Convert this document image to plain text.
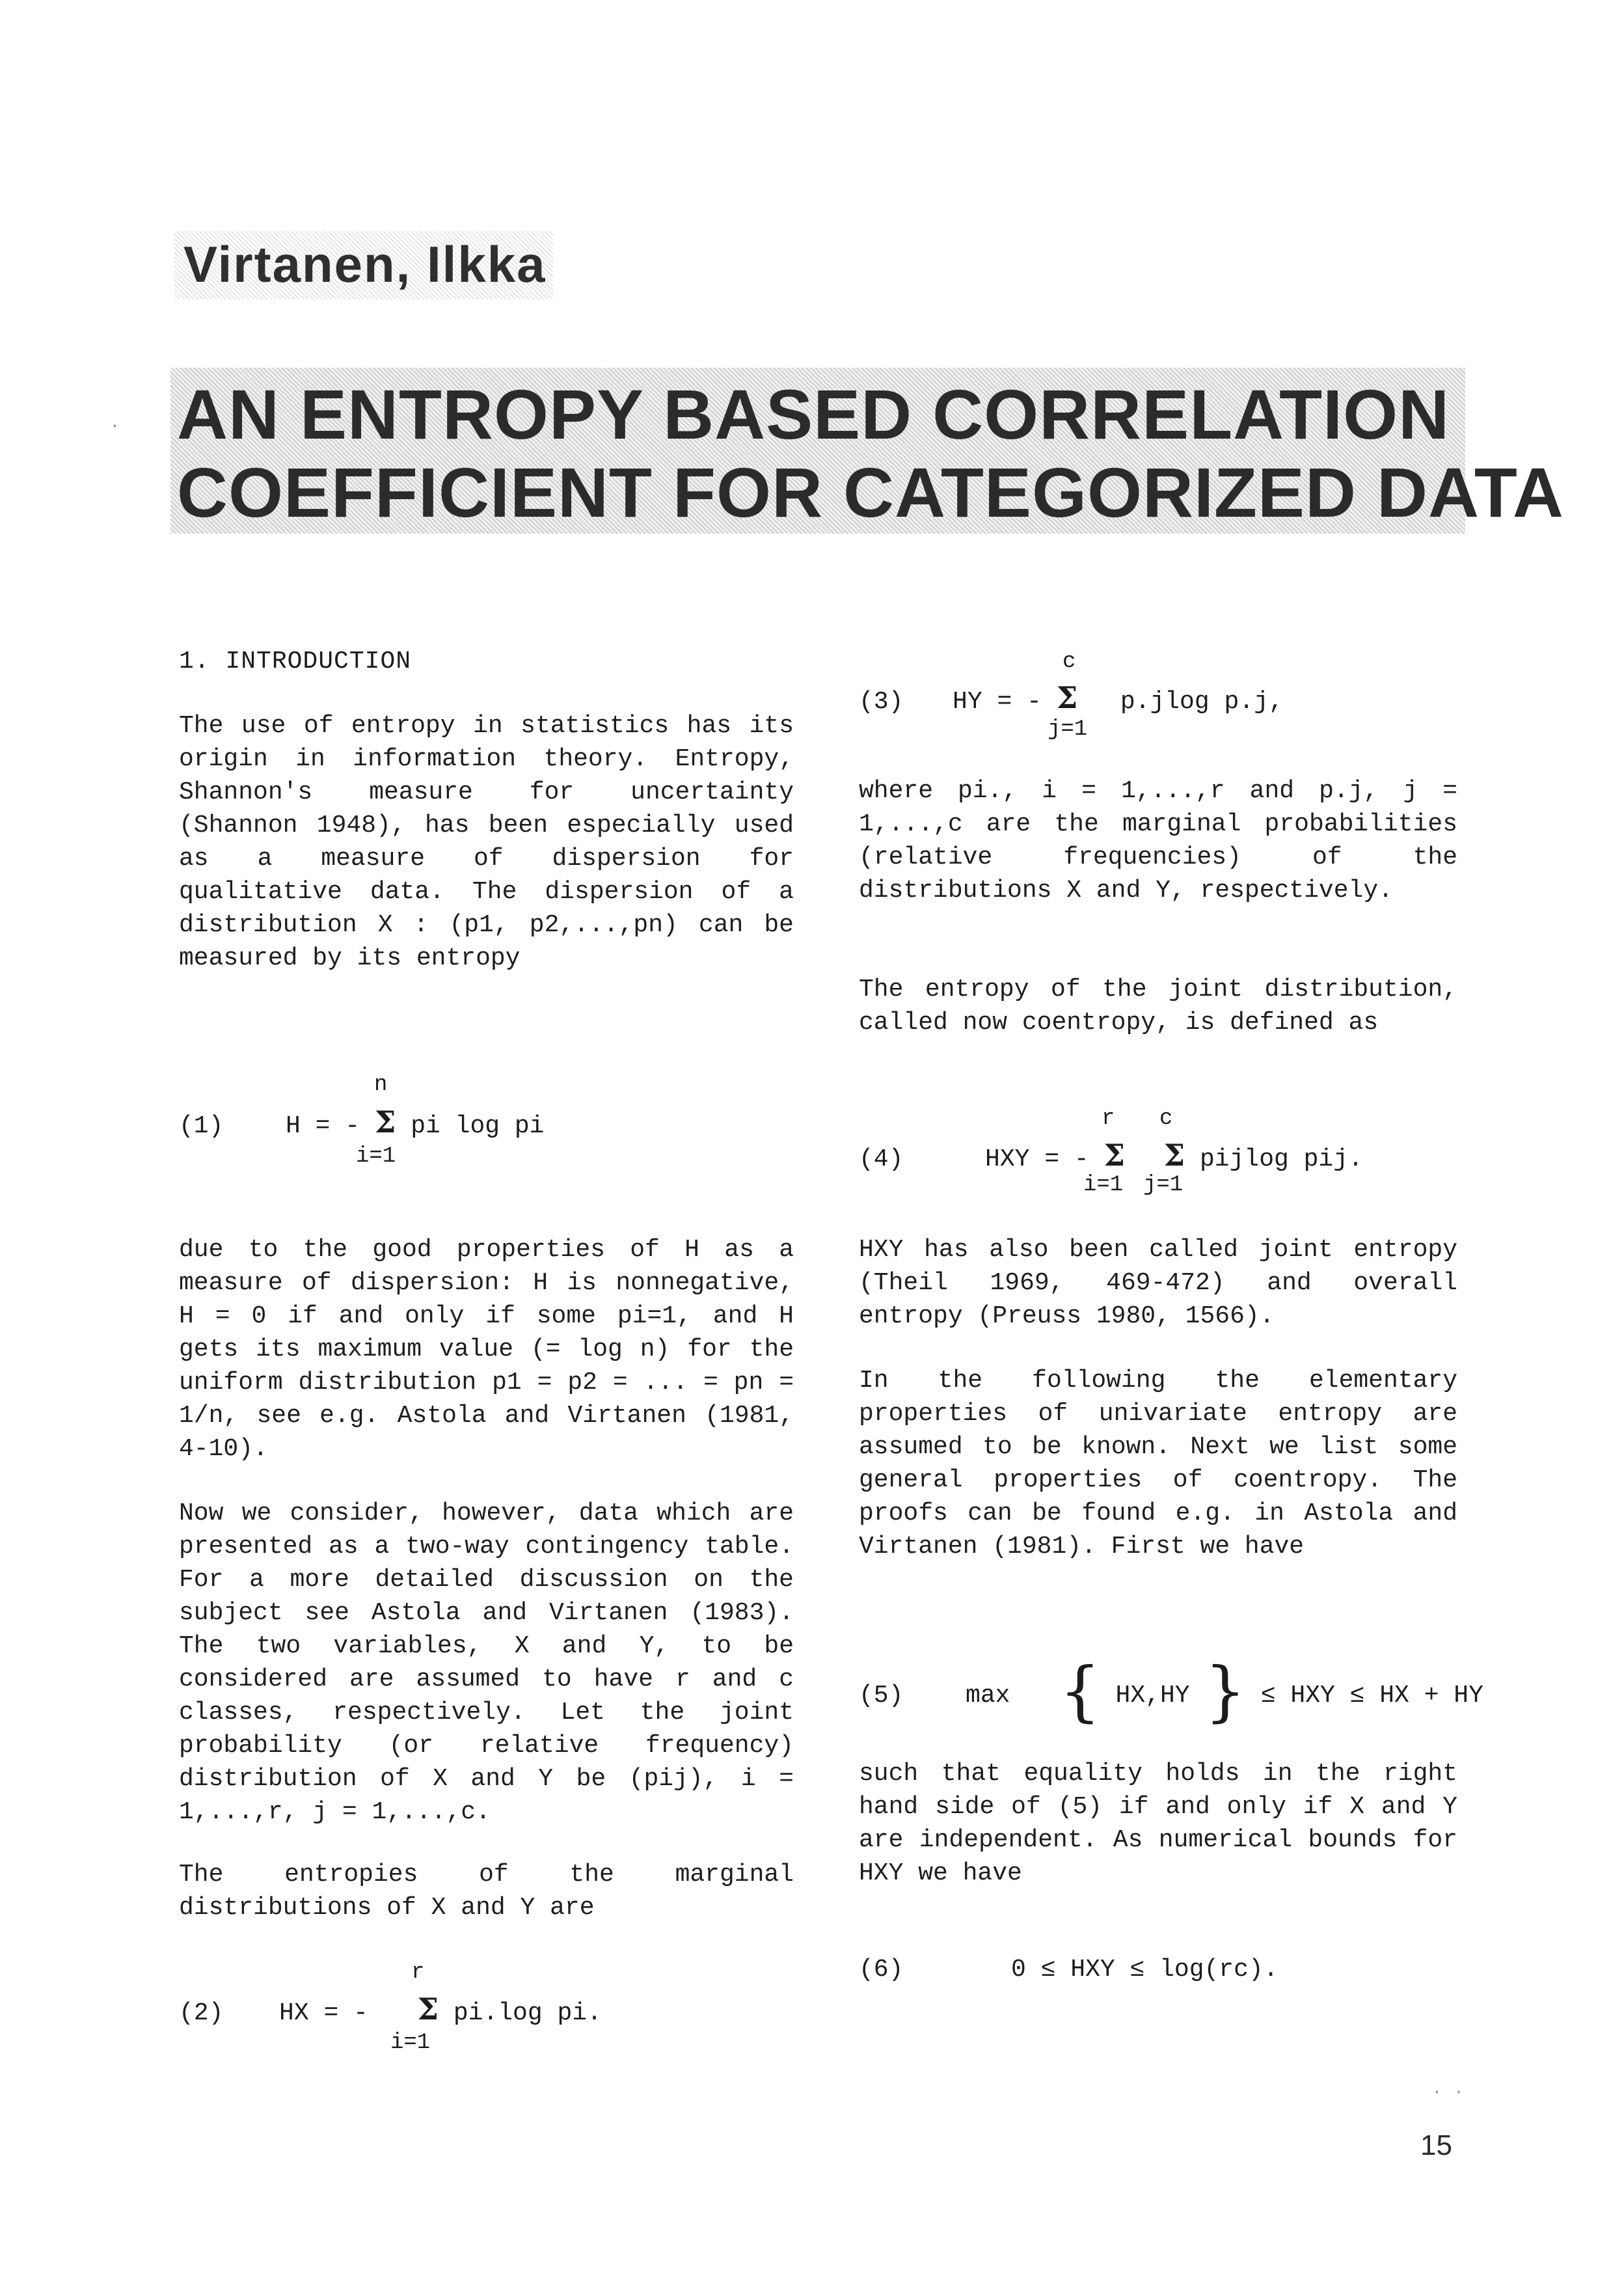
Virtanen, Ilkka
AN ENTROPY BASED CORRELATION
COEFFICIENT FOR CATEGORIZED DATA
·
1. INTRODUCTION

The use of entropy in statistics has its origin in information theory. Entropy, Shannon's measure for uncertainty (Shannon 1948), has been especially used as a measure of dispersion for qualitative data. The dispersion of a distribution X : (p1, p2,...,pn) can be measured by its entropy

(1)	H = - Σ pi log pi
n
i=1

due to the good properties of H as a measure of dispersion: H is nonnegative, H = 0 if and only if some pi=1, and H gets its maximum value (= log n) for the uniform distribution p1 = p2 = ... = pn = 1/n, see e.g. Astola and Virtanen (1981, 4-10).

Now we consider, however, data which are presented as a two-way contingency table. For a more detailed discussion on the subject see Astola and Virtanen (1983). The two variables, X and Y, to be considered are assumed to have r and c classes, respectively. Let the joint probability (or relative frequency) distribution of X and Y be (pij), i = 1,...,r, j = 1,...,c.

The entropies of the marginal distributions of X and Y are

(2) HX = - Σ pi.log pi.
r
i=1
(3) HY = - Σ p.jlog p.j,
c
j=1

where pi., i = 1,...,r and p.j, j = 1,...,c are the marginal probabilities (relative frequencies) of the distributions X and Y, respectively.

The entropy of the joint distribution, called now coentropy, is defined as

(4)	HXY = - Σ Σ pijlog pij.
r c
i=1 j=1

HXY has also been called joint entropy (Theil 1969, 469-472) and overall entropy (Preuss 1980, 1566).

In the following the elementary properties of univariate entropy are assumed to be known. Next we list some general properties of coentropy. The proofs can be found e.g. in Astola and Virtanen (1981). First we have

(5)	max { HX,HY } ≤ HXY ≤ HX + HY

such that equality holds in the right hand side of (5) if and only if X and Y are independent. As numerical bounds for HXY we have

(6)	0 ≤ HXY ≤ log(rc).
· ·
15
